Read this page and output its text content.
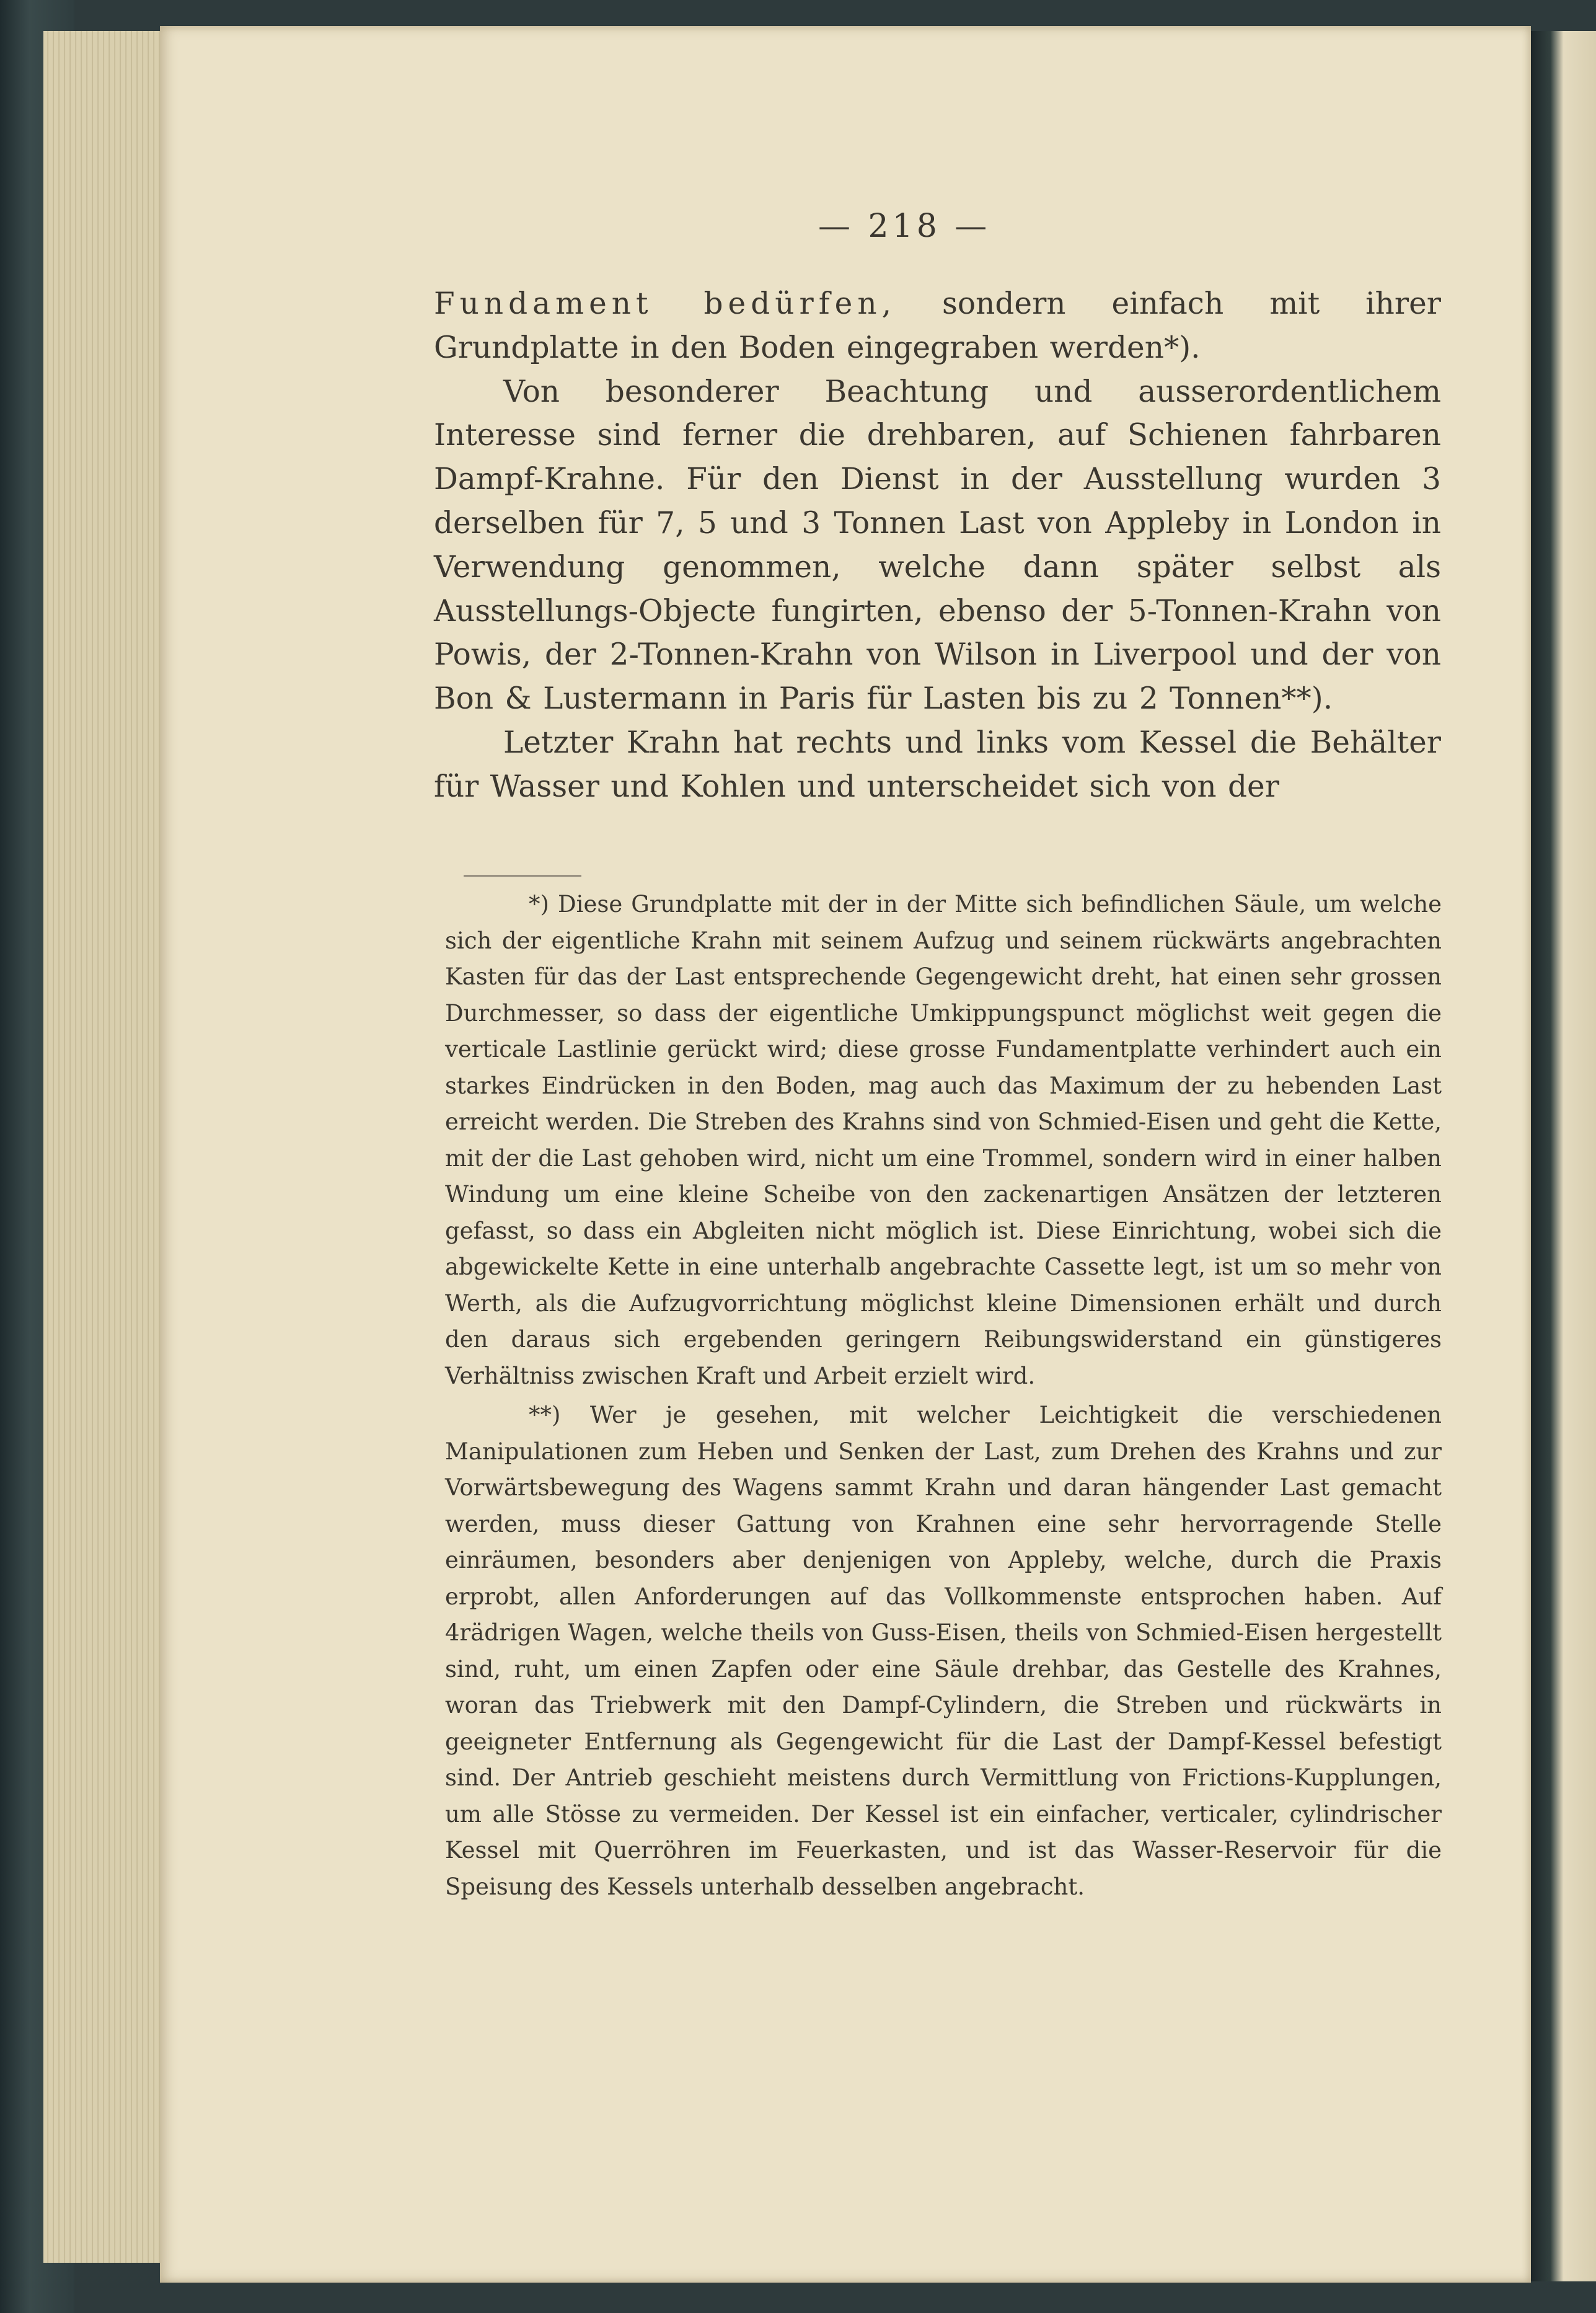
— 218 —

Fundament bedürfen, sondern einfach mit ihrer Grundplatte in den Boden eingegraben werden*).

Von besonderer Beachtung und ausserordentlichem Interesse sind ferner die drehbaren, auf Schienen fahrbaren Dampf-Krahne. Für den Dienst in der Ausstellung wurden 3 derselben für 7, 5 und 3 Tonnen Last von Appleby in London in Verwendung genommen, welche dann später selbst als Ausstellungs-Objecte fungirten, ebenso der 5-Tonnen-Krahn von Powis, der 2-Tonnen-Krahn von Wilson in Liverpool und der von Bon & Lustermann in Paris für Lasten bis zu 2 Tonnen**).

Letzter Krahn hat rechts und links vom Kessel die Behälter für Wasser und Kohlen und unterscheidet sich von der

*) Diese Grundplatte mit der in der Mitte sich befindlichen Säule, um welche sich der eigentliche Krahn mit seinem Aufzug und seinem rückwärts angebrachten Kasten für das der Last entsprechende Gegengewicht dreht, hat einen sehr grossen Durchmesser, so dass der eigentliche Umkippungspunct möglichst weit gegen die verticale Lastlinie gerückt wird; diese grosse Fundamentplatte verhindert auch ein starkes Eindrücken in den Boden, mag auch das Maximum der zu hebenden Last erreicht werden. Die Streben des Krahns sind von Schmied-Eisen und geht die Kette, mit der die Last gehoben wird, nicht um eine Trommel, sondern wird in einer halben Windung um eine kleine Scheibe von den zackenartigen Ansätzen der letzteren gefasst, so dass ein Abgleiten nicht möglich ist. Diese Einrichtung, wobei sich die abgewickelte Kette in eine unterhalb angebrachte Cassette legt, ist um so mehr von Werth, als die Aufzugvorrichtung möglichst kleine Dimensionen erhält und durch den daraus sich ergebenden geringern Reibungswiderstand ein günstigeres Verhältniss zwischen Kraft und Arbeit erzielt wird.

**) Wer je gesehen, mit welcher Leichtigkeit die verschiedenen Manipulationen zum Heben und Senken der Last, zum Drehen des Krahns und zur Vorwärtsbewegung des Wagens sammt Krahn und daran hängender Last gemacht werden, muss dieser Gattung von Krahnen eine sehr hervorragende Stelle einräumen, besonders aber denjenigen von Appleby, welche, durch die Praxis erprobt, allen Anforderungen auf das Vollkommenste entsprochen haben. Auf 4rädrigen Wagen, welche theils von Guss-Eisen, theils von Schmied-Eisen hergestellt sind, ruht, um einen Zapfen oder eine Säule drehbar, das Gestelle des Krahnes, woran das Triebwerk mit den Dampf-Cylindern, die Streben und rückwärts in geeigneter Entfernung als Gegengewicht für die Last der Dampf-Kessel befestigt sind. Der Antrieb geschieht meistens durch Vermittlung von Frictions-Kupplungen, um alle Stösse zu vermeiden. Der Kessel ist ein einfacher, verticaler, cylindrischer Kessel mit Querröhren im Feuerkasten, und ist das Wasser-Reservoir für die Speisung des Kessels unterhalb desselben angebracht.
